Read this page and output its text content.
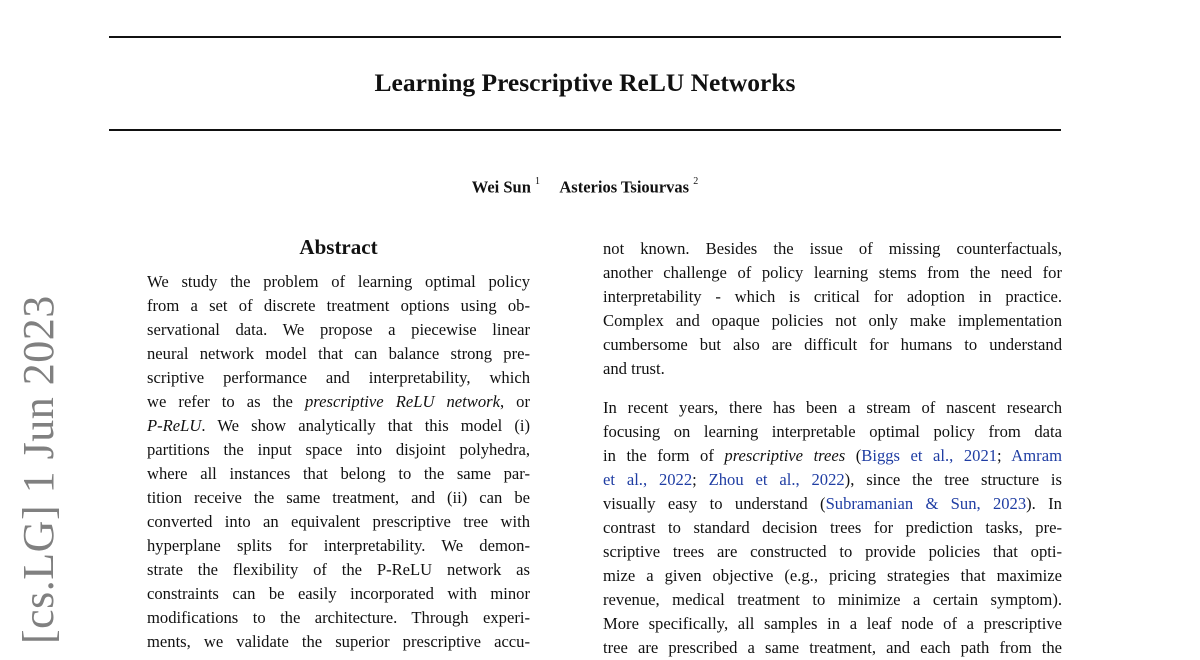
Learning Prescriptive ReLU Networks
Wei Sun $^1$ Asterios Tsiourvas $^2$
Abstract

We study the problem of learning optimal policy

from a set of discrete treatment options using ob-

servational data. We propose a piecewise linear

neural network model that can balance strong pre-

scriptive performance and interpretability, which

we refer to as the prescriptive ReLU network, or

P-ReLU. We show analytically that this model (i)

partitions the input space into disjoint polyhedra,

where all instances that belong to the same par-

tition receive the same treatment, and (ii) can be

converted into an equivalent prescriptive tree with

hyperplane splits for interpretability. We demon-

strate the flexibility of the P-ReLU network as

constraints can be easily incorporated with minor

modifications to the architecture. Through experi-

ments, we validate the superior prescriptive accu-

not known. Besides the issue of missing counterfactuals,

another challenge of policy learning stems from the need for

interpretability - which is critical for adoption in practice.

Complex and opaque policies not only make implementation

cumbersome but also are difficult for humans to understand

and trust.

In recent years, there has been a stream of nascent research

focusing on learning interpretable optimal policy from data

in the form of prescriptive trees (Biggs et al., 2021; Amram

et al., 2022; Zhou et al., 2022), since the tree structure is

visually easy to understand (Subramanian & Sun, 2023). In

contrast to standard decision trees for prediction tasks, pre-

scriptive trees are constructed to provide policies that opti-

mize a given objective (e.g., pricing strategies that maximize

revenue, medical treatment to minimize a certain symptom).

More specifically, all samples in a leaf node of a prescriptive

tree are prescribed a same treatment, and each path from the

[cs.LG] 1 Jun 2023
